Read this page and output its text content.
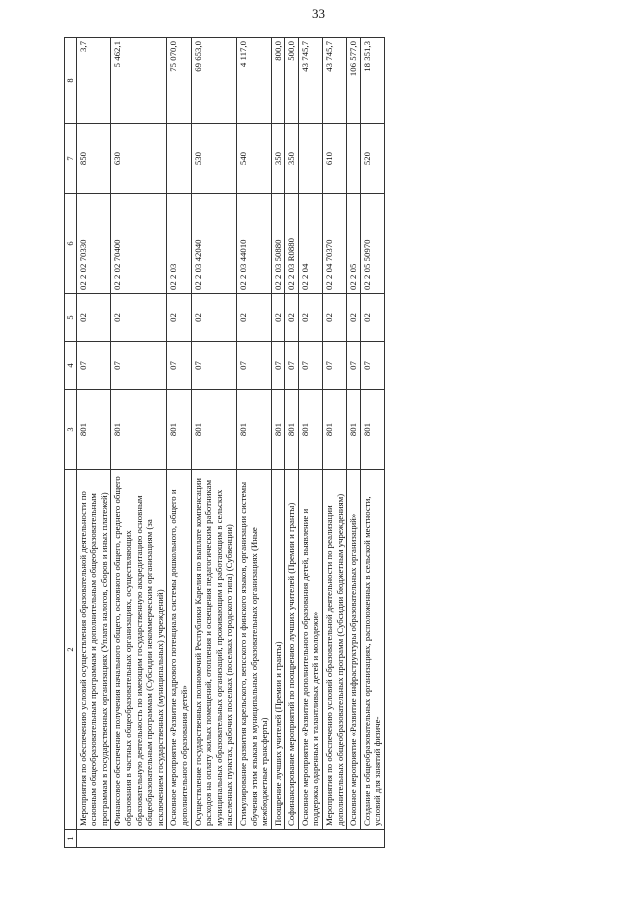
33
1	2	3	4	5	6	7	8
	Мероприятия по обеспечению условий осуществления образовательной деятельности по основным общеобразовательным программам и дополнительным общеобразовательным программам в государственных организациях (Уплата налогов, сборов и иных платежей)	801	07	02	02 2 02 70330	850	3,7
	Финансовое обеспечение получения начального общего, основного общего, среднего общего образования в частных общеобразовательных организациях, осуществляющих образовательную деятельность по имеющим государственную аккредитацию основным общеобразовательным программам (Субсидии некоммерческим организациям (за исключением государственных (муниципальных) учреждений)	801	07	02	02 2 02 70400	630	5 462,1
	Основное мероприятие «Развитие кадрового потенциала системы дошкольного, общего и дополнительного образования детей»	801	07	02	02 2 03		75 070,0
	Осуществление государственных полномочий Республики Карелия по выплате компенсации расходов на оплату жилых помещений, отопления и освещения педагогическим работникам муниципальных образовательных организаций, проживающим и работающим в сельских населенных пунктах, рабочих поселках (поселках городского типа) (Субвенции)	801	07	02	02 2 03 42040	530	69 653,0
	Стимулирование развития карельского, вепсского и финского языков, организации системы обучения этим языкам в муниципальных образовательных организациях (Иные межбюджетные трансферты)	801	07	02	02 2 03 44010	540	4 117,0
	Поощрение лучших учителей (Премии и гранты)	801	07	02	02 2 03 50880	350	800,0
	Софинансирование мероприятий по поощрению лучших учителей (Премии и гранты)	801	07	02	02 2 03 R0880	350	500,0
	Основное мероприятие «Развитие дополнительного образования детей, выявление и поддержка одаренных и талантливых детей и молодежи»	801	07	02	02 2 04		43 745,7
	Мероприятия по обеспечению условий образовательной деятельности по реализации дополнительных общеобразовательных программ (Субсидии бюджетным учреждениям)	801	07	02	02 2 04 70370	610	43 745,7
	Основное мероприятие «Развитие инфраструктуры образовательных организаций»	801	07	02	02 2 05		106 577,0
	Создание в общеобразовательных организациях, расположенных в сельской местности, условий для занятий физиче-	801	07	02	02 2 05 50970	520	18 351,3
